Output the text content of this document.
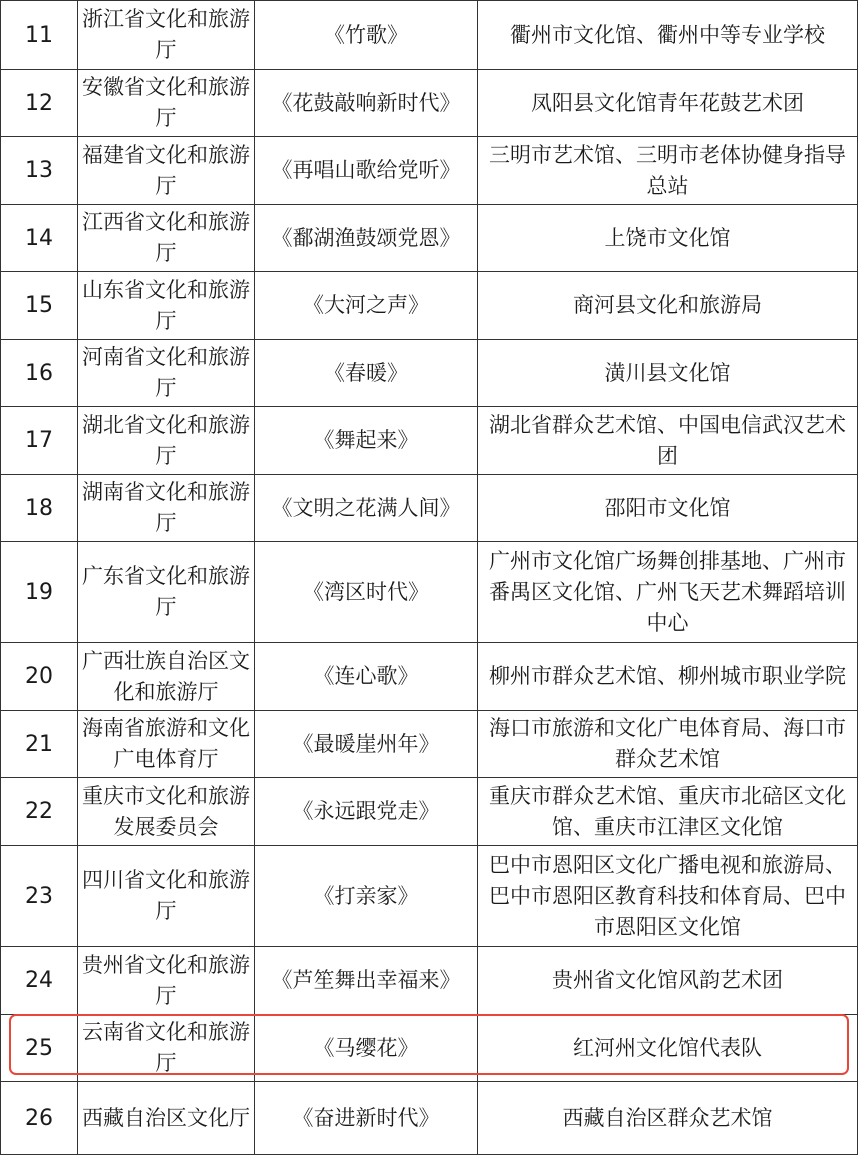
11	浙江省文化和旅游厅	《竹歌》	衢州市文化馆、衢州中等专业学校
12	安徽省文化和旅游厅	《花鼓敲响新时代》	凤阳县文化馆青年花鼓艺术团
13	福建省文化和旅游厅	《再唱山歌给党听》	三明市艺术馆、三明市老体协健身指导总站
14	江西省文化和旅游厅	《鄱湖渔鼓颂党恩》	上饶市文化馆
15	山东省文化和旅游厅	《大河之声》	商河县文化和旅游局
16	河南省文化和旅游厅	《春暖》	潢川县文化馆
17	湖北省文化和旅游厅	《舞起来》	湖北省群众艺术馆、中国电信武汉艺术团
18	湖南省文化和旅游厅	《文明之花满人间》	邵阳市文化馆
19	广东省文化和旅游厅	《湾区时代》	广州市文化馆广场舞创排基地、广州市番禺区文化馆、广州飞天艺术舞蹈培训中心
20	广西壮族自治区文化和旅游厅	《连心歌》	柳州市群众艺术馆、柳州城市职业学院
21	海南省旅游和文化广电体育厅	《最暖崖州年》	海口市旅游和文化广电体育局、海口市群众艺术馆
22	重庆市文化和旅游发展委员会	《永远跟党走》	重庆市群众艺术馆、重庆市北碚区文化馆、重庆市江津区文化馆
23	四川省文化和旅游厅	《打亲家》	巴中市恩阳区文化广播电视和旅游局、巴中市恩阳区教育科技和体育局、巴中市恩阳区文化馆
24	贵州省文化和旅游厅	《芦笙舞出幸福来》	贵州省文化馆风韵艺术团
25	云南省文化和旅游厅	《马缨花》	红河州文化馆代表队
26	西藏自治区文化厅	《奋进新时代》	西藏自治区群众艺术馆
